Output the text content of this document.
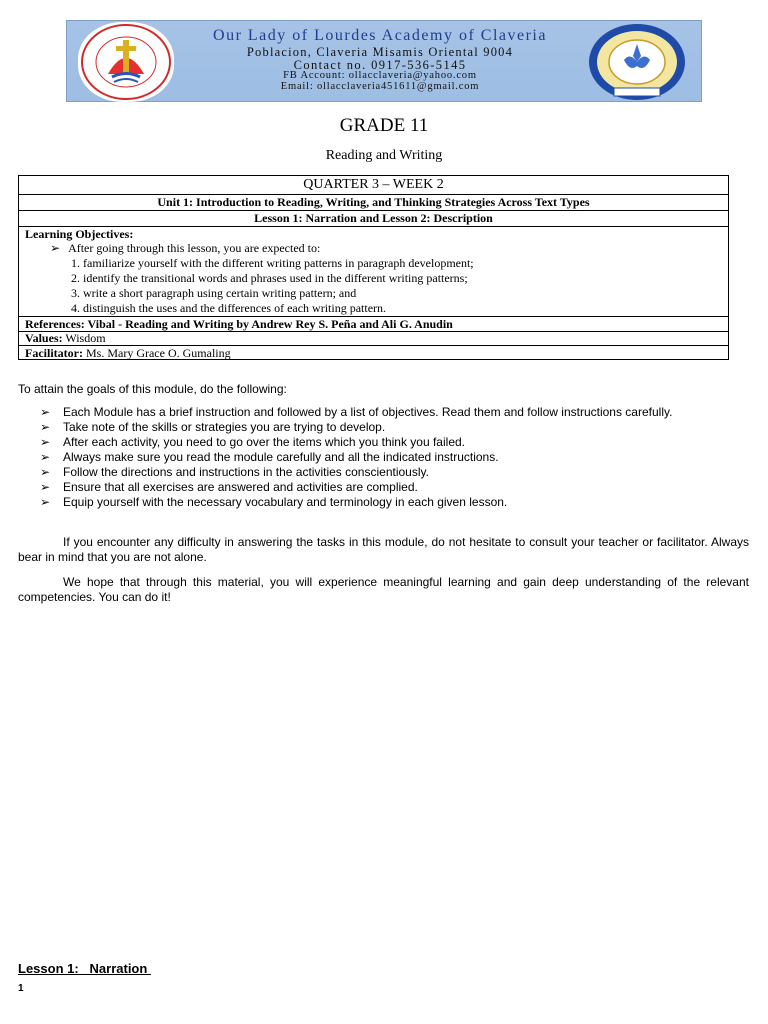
Our Lady of Lourdes Academy of Claveria
Poblacion, Claveria Misamis Oriental 9004
Contact no. 0917-536-5145
FB Account: ollacclaveria@yahoo.com
Email: ollacclaveria451611@gmail.com
GRADE 11
Reading and Writing
QUARTER 3 – WEEK 2
Unit 1: Introduction to Reading, Writing, and Thinking Strategies Across Text Types
Lesson 1: Narration and Lesson 2: Description
Learning Objectives:
➢ After going through this lesson, you are expected to:
1. familiarize yourself with the different writing patterns in paragraph development;
2. identify the transitional words and phrases used in the different writing patterns;
3. write a short paragraph using certain writing pattern; and
4. distinguish the uses and the differences of each writing pattern.
References: Vibal - Reading and Writing by Andrew Rey S. Peña and Ali G. Anudin
Values: Wisdom
Facilitator: Ms. Mary Grace O. Gumaling
To attain the goals of this module, do the following:
➢ Each Module has a brief instruction and followed by a list of objectives. Read them and follow instructions carefully.
➢ Take note of the skills or strategies you are trying to develop.
➢ After each activity, you need to go over the items which you think you failed.
➢ Always make sure you read the module carefully and all the indicated instructions.
➢ Follow the directions and instructions in the activities conscientiously.
➢ Ensure that all exercises are answered and activities are complied.
➢ Equip yourself with the necessary vocabulary and terminology in each given lesson.
If you encounter any difficulty in answering the tasks in this module, do not hesitate to consult your teacher or facilitator. Always bear in mind that you are not alone.
We hope that through this material, you will experience meaningful learning and gain deep understanding of the relevant competencies. You can do it!
Lesson 1:   Narration
1
